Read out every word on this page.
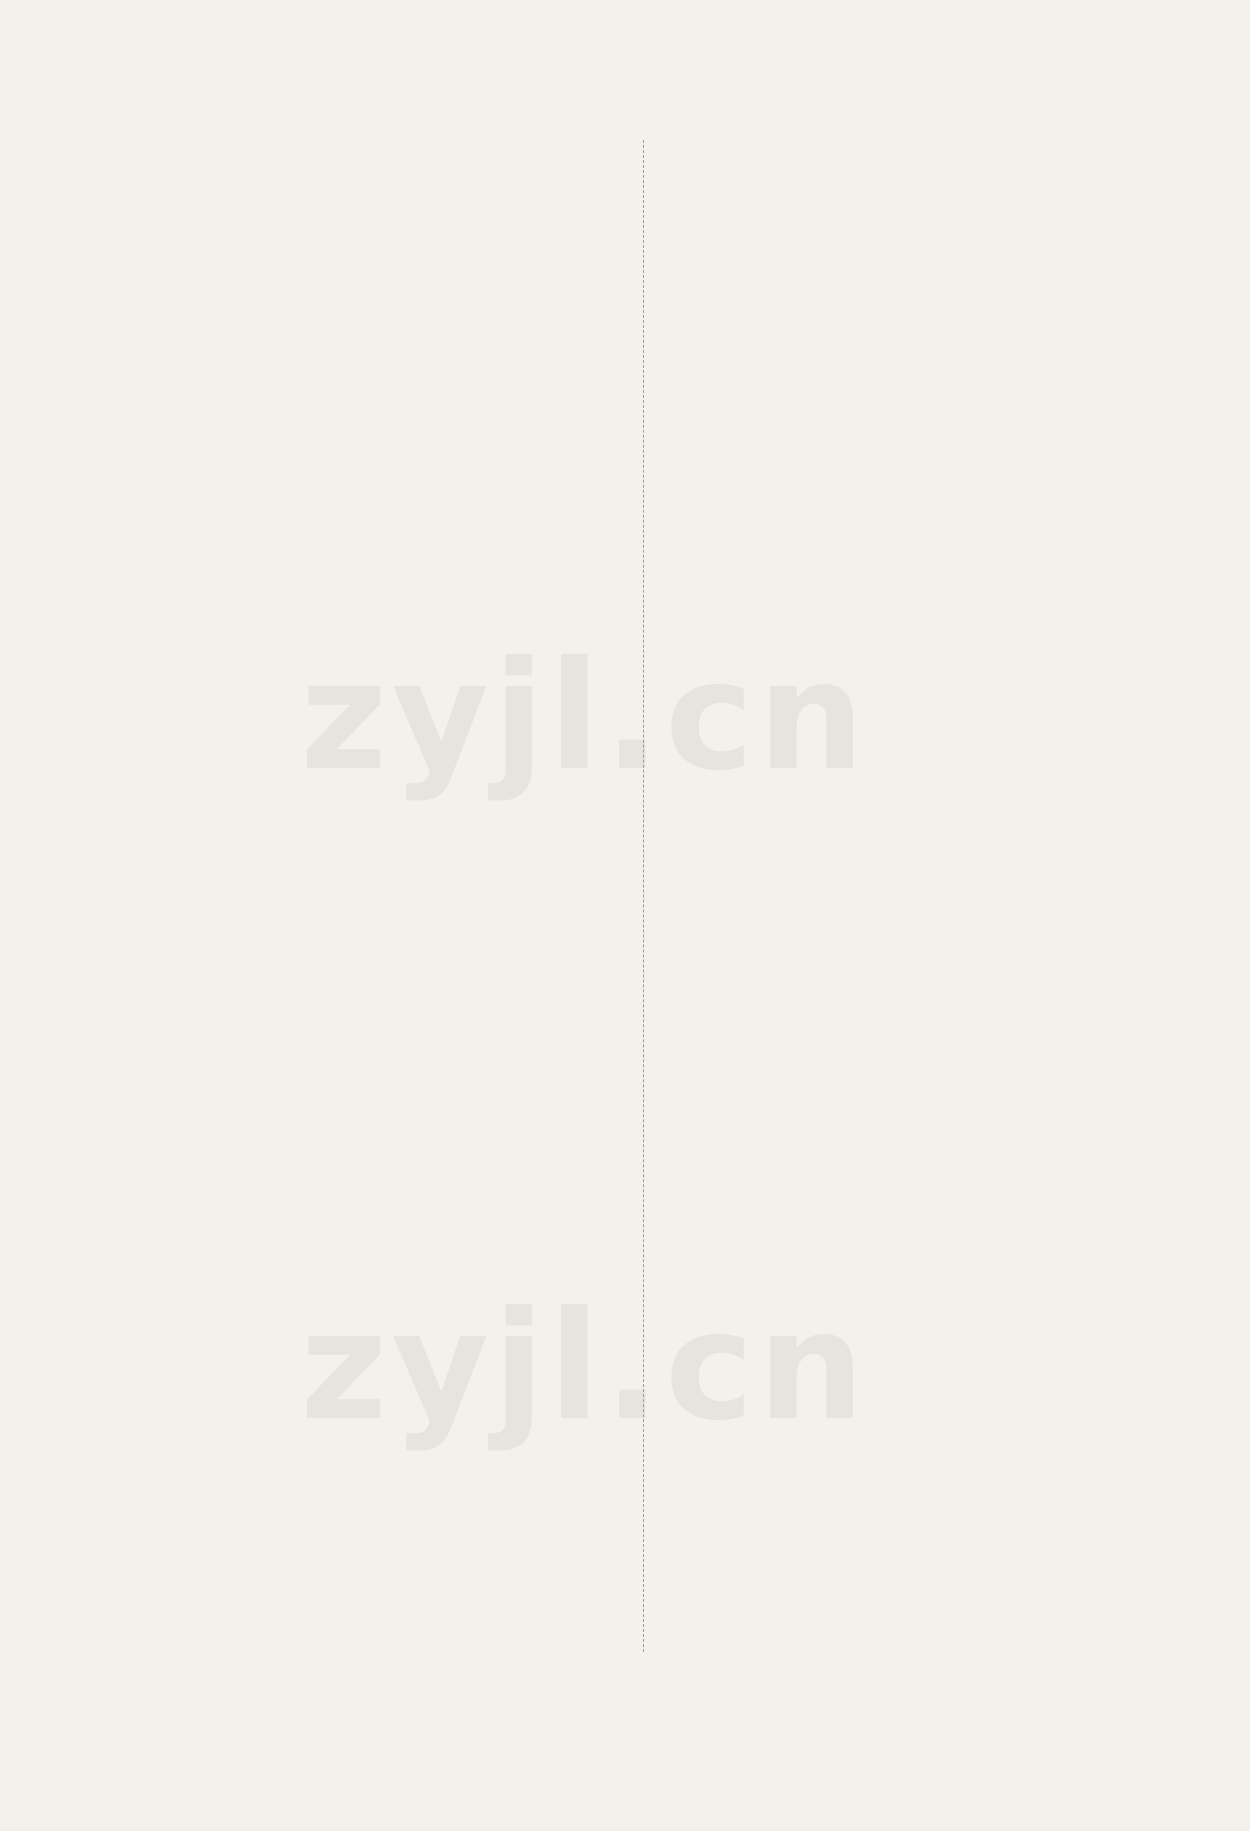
zyjl.cn
zyjl.cn
